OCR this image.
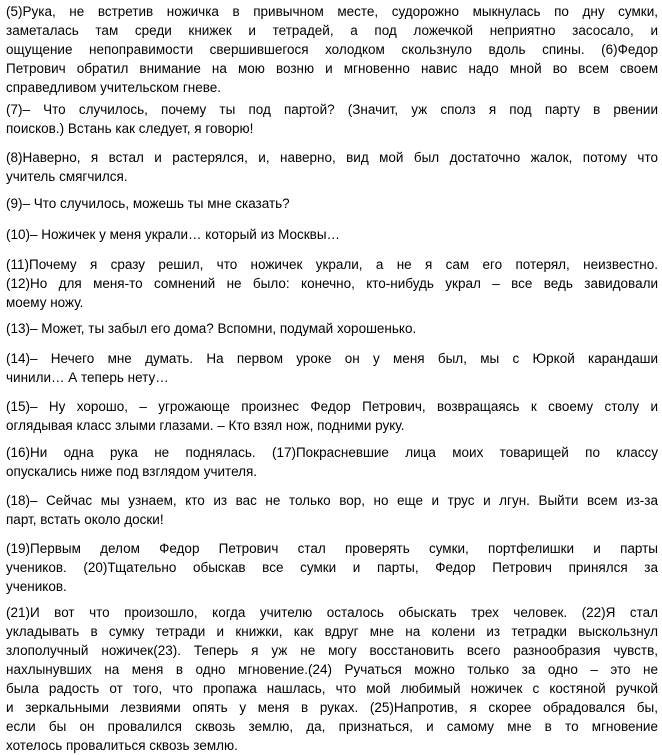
(5)Рука, не встретив ножичка в привычном месте, судорожно мыкнулась по дну сумки,
заметалась там среди книжек и тетрадей, а под ложечкой неприятно засосало, и
ощущение непоправимости свершившегося холодком скользнуло вдоль спины. (6)Федор
Петрович обратил внимание на мою возню и мгновенно навис надо мной во всем своем
справедливом учительском гневе.
(7)– Что случилось, почему ты под партой? (Значит, уж сполз я под парту в рвении
поисков.) Встань как следует, я говорю!
(8)Наверно, я встал и растерялся, и, наверно, вид мой был достаточно жалок, потому что
учитель смягчился.
(9)– Что случилось, можешь ты мне сказать?
(10)– Ножичек у меня украли… который из Москвы…
(11)Почему я сразу решил, что ножичек украли, а не я сам его потерял, неизвестно.
(12)Но для меня-то сомнений не было: конечно, кто-нибудь украл – все ведь завидовали
моему ножу.
(13)– Может, ты забыл его дома? Вспомни, подумай хорошенько.
(14)– Нечего мне думать. На первом уроке он у меня был, мы с Юркой карандаши
чинили… А теперь нету…
(15)– Ну хорошо, – угрожающе произнес Федор Петрович, возвращаясь к своему столу и
оглядывая класс злыми глазами. – Кто взял нож, подними руку.
(16)Ни одна рука не поднялась. (17)Покрасневшие лица моих товарищей по классу
опускались ниже под взглядом учителя.
(18)– Сейчас мы узнаем, кто из вас не только вор, но еще и трус и лгун. Выйти всем из-за
парт, встать около доски!
(19)Первым делом Федор Петрович стал проверять сумки, портфелишки и парты
учеников. (20)Тщательно обыскав все сумки и парты, Федор Петрович принялся за
учеников.
(21)И вот что произошло, когда учителю осталось обыскать трех человек. (22)Я стал
укладывать в сумку тетради и книжки, как вдруг мне на колени из тетрадки выскользнул
злополучный ножичек(23). Теперь я уж не могу восстановить всего разнообразия чувств,
нахлынувших на меня в одно мгновение.(24) Ручаться можно только за одно – это не
была радость от того, что пропажа нашлась, что мой любимый ножичек с костяной ручкой
и зеркальными лезвиями опять у меня в руках. (25)Напротив, я скорее обрадовался бы,
если бы он провалился сквозь землю, да, признаться, и самому мне в то мгновение
хотелось провалиться сквозь землю.
